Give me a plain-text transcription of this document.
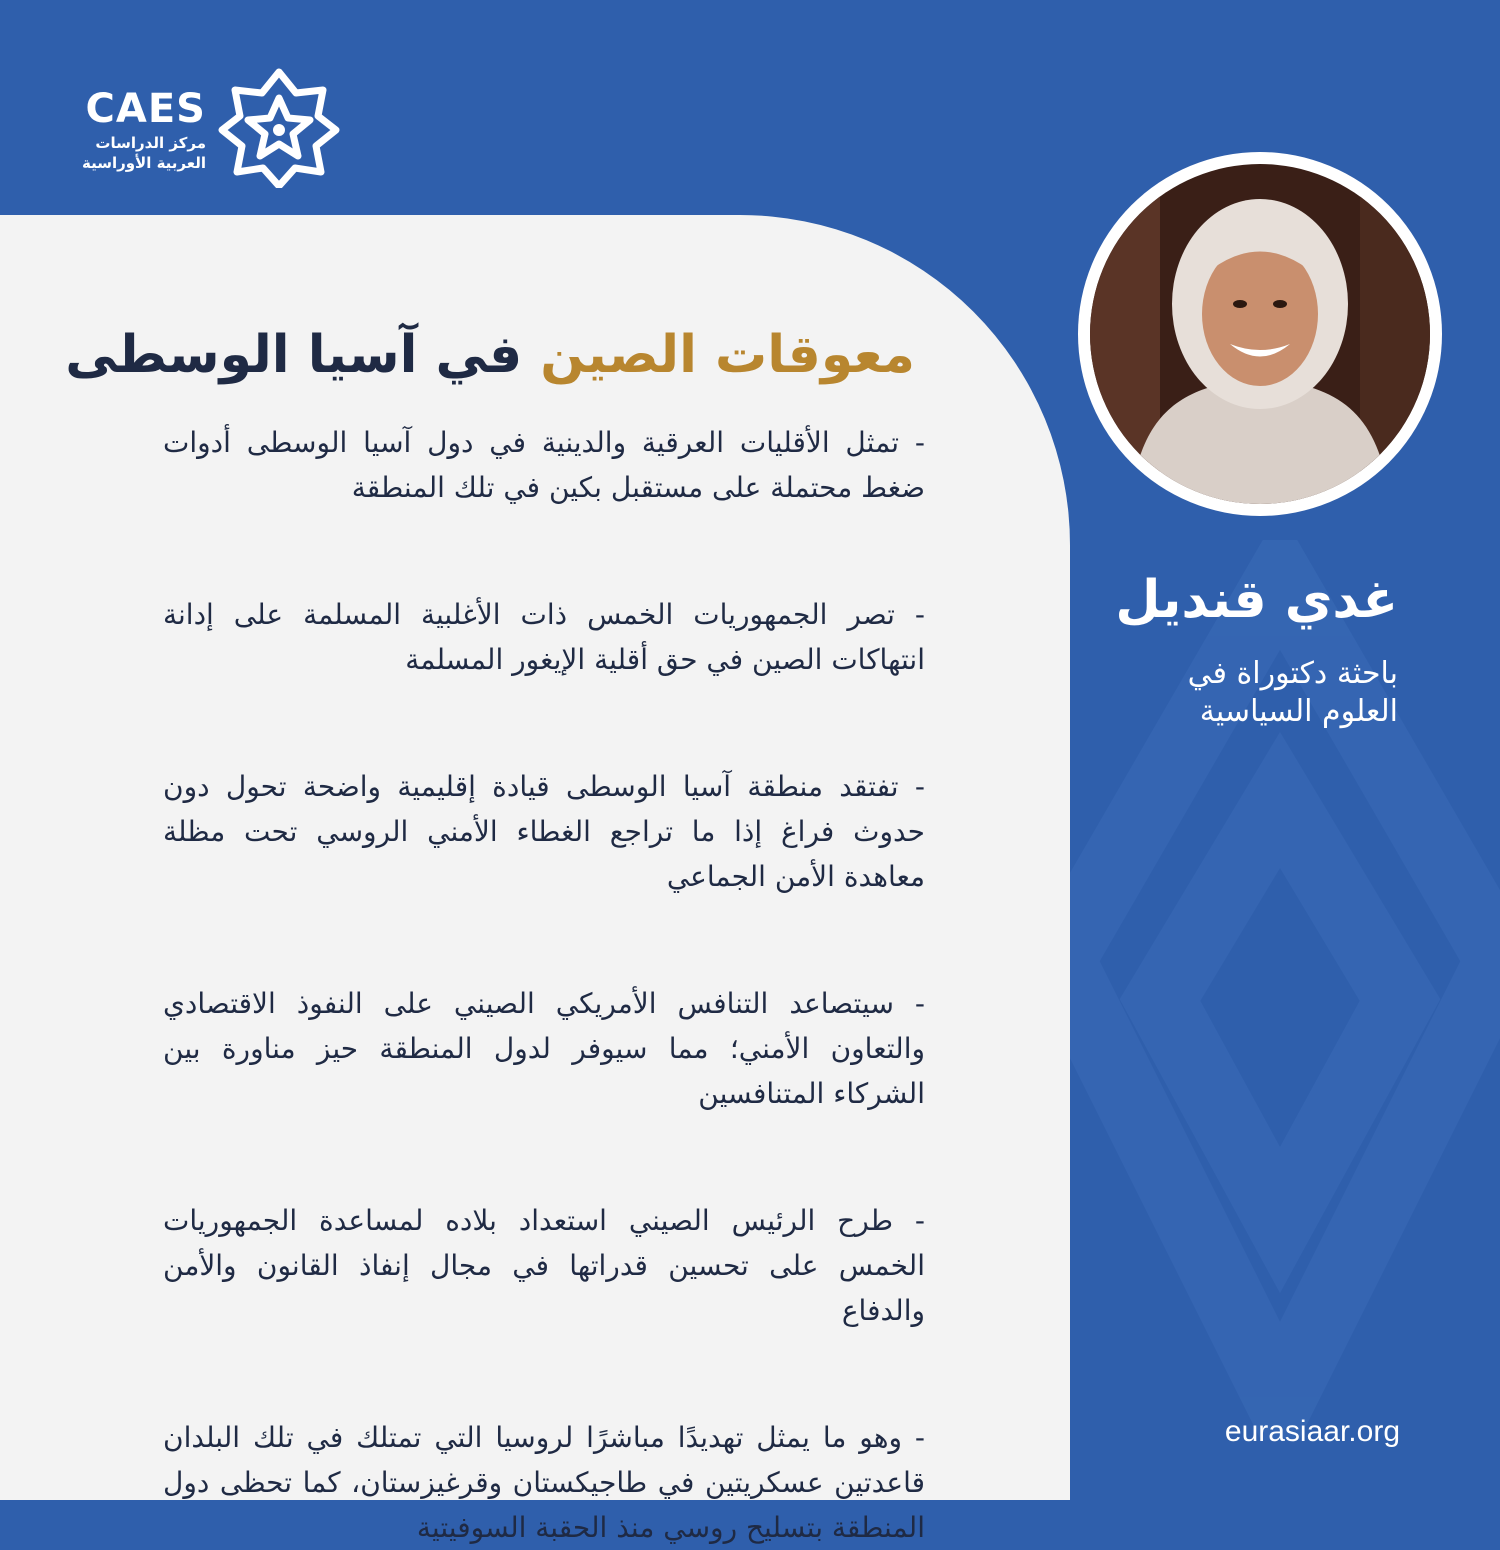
CAES
مركز الدراسات
العربية الأوراسية
معوقات الصين في آسيا الوسطى

- تمثل الأقليات العرقية والدينية في دول آسيا الوسطى أدوات ضغط محتملة على مستقبل بكين في تلك المنطقة

- تصر الجمهوريات الخمس ذات الأغلبية المسلمة على إدانة انتهاكات الصين في حق أقلية الإيغور المسلمة

- تفتقد منطقة آسيا الوسطى قيادة إقليمية واضحة تحول دون حدوث فراغ إذا ما تراجع الغطاء الأمني الروسي تحت مظلة معاهدة الأمن الجماعي

- سيتصاعد التنافس الأمريكي الصيني على النفوذ الاقتصادي والتعاون الأمني؛ مما سيوفر لدول المنطقة حيز مناورة بين الشركاء المتنافسين

- طرح الرئيس الصيني استعداد بلاده لمساعدة الجمهوريات الخمس على تحسين قدراتها في مجال إنفاذ القانون والأمن والدفاع

- وهو ما يمثل تهديدًا مباشرًا لروسيا التي تمتلك في تلك البلدان قاعدتين عسكريتين في طاجيكستان وقرغيزستان، كما تحظى دول المنطقة بتسليح روسي منذ الحقبة السوفيتية

غدي قنديل
باحثة دكتوراة في
العلوم السياسية
eurasiaar.org
